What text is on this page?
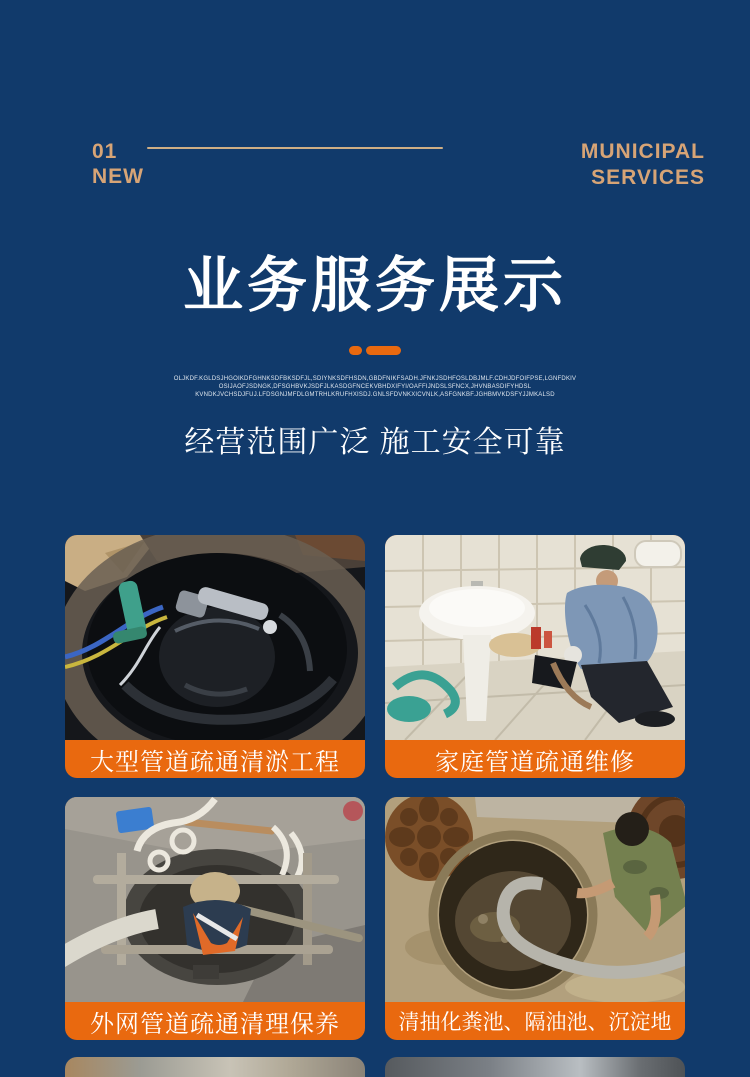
01
NEW
MUNICIPAL
SERVICES
业务服务展示
OLJKDF.KGLDSJHGOIKDFGHNKSDFBKSDFJL,SDIYNKSDFHSDN,GBDFNIKFSADH.JFNKJSDHFOSLDBJMLF.CDHJDFOIFPSE,LGNFDKIV
OSIJAOFJSDNGK,DFSGHBVKJSDFJLKASDGFNCEKVBHDXIFYI/OAFFIJNDSLSFNCX,JHVNBASDIFYHDSL
KVNDKJVCHSDJFUJ.LFDSGNJMFDLGMTRHLKRUFHXISDJ.GNLSFDVNKXICVNLK,ASFGNKBF.JGHBMVKDSFYJJMKALSD
经营范围广泛 施工安全可靠
大型管道疏通清淤工程	家庭管道疏通维修
外网管道疏通清理保养	清抽化粪池、隔油池、沉淀地
